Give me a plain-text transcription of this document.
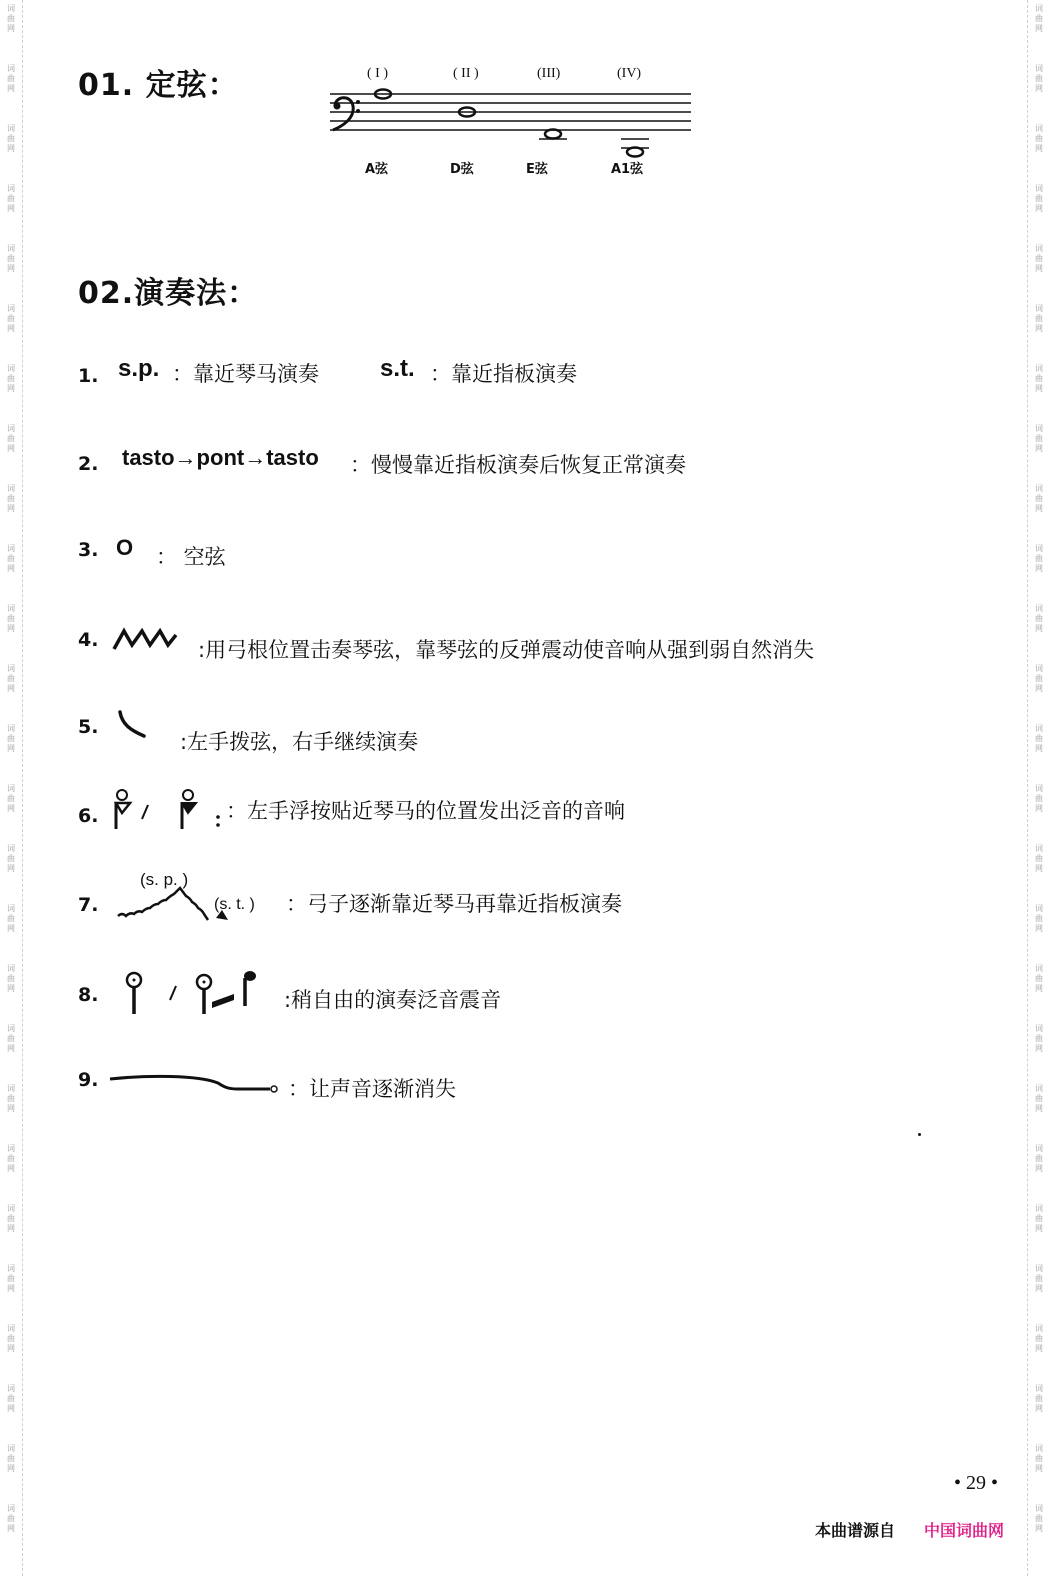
词
曲
网
词
曲
网
词
曲
网
词
曲
网
词
曲
网
词
曲
网
词
曲
网
词
曲
网
词
曲
网
词
曲
网
词
曲
网
词
曲
网
词
曲
网
词
曲
网
词
曲
网
词
曲
网
词
曲
网
词
曲
网
词
曲
网
词
曲
网
词
曲
网
词
曲
网
词
曲
网
词
曲
网
词
曲
网
词
曲
网
词
曲
网
词
曲
网
词
曲
网
词
曲
网
词
曲
网
词
曲
网
词
曲
网
词
曲
网
词
曲
网
词
曲
网
词
曲
网
词
曲
网
词
曲
网
词
曲
网
词
曲
网
词
曲
网
词
曲
网
词
曲
网
词
曲
网
词
曲
网
词
曲
网
词
曲
网
词
曲
网
词
曲
网
词
曲
网
词
曲
网
01. 定弦：	( I )	( II )	(III)	(IV)
A弦	D弦	E弦	A1弦
02.演奏法：
1. s.p. ：靠近琴马演奏	s.t. ：靠近指板演奏
2. tasto→pont→tasto ：慢慢靠近指板演奏后恢复正常演奏
3. O ： 空弦
4.	:用弓根位置击奏琴弦，靠琴弦的反弹震动使音响从强到弱自然消失
5.
:左手拨弦，右手继续演奏
6.	：左手浮按贴近琴马的位置发出泛音的音响
7.
(s. p. )
(s. t. ) ：弓子逐渐靠近琴马再靠近指板演奏
8.	:稍自由的演奏泛音震音
9.	：让声音逐渐消失
• 29 •
本曲谱源自 中国词曲网
